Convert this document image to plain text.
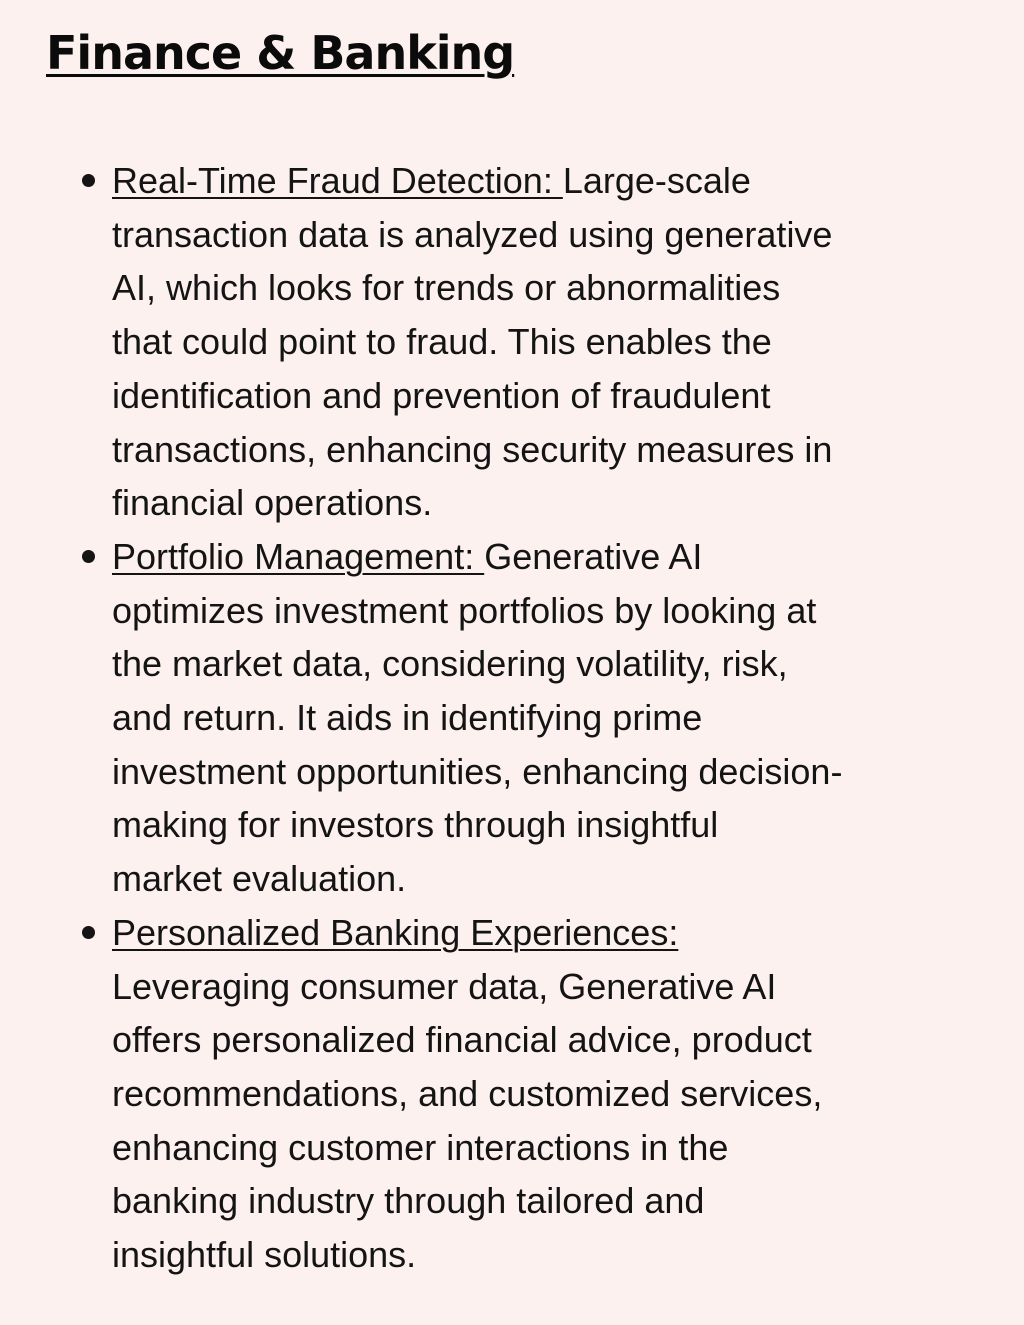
Finance & Banking
Real-Time Fraud Detection: Large-scale
transaction data is analyzed using generative
AI, which looks for trends or abnormalities
that could point to fraud. This enables the
identification and prevention of fraudulent
transactions, enhancing security measures in
financial operations.
Portfolio Management: Generative AI
optimizes investment portfolios by looking at
the market data, considering volatility, risk,
and return. It aids in identifying prime
investment opportunities, enhancing decision-
making for investors through insightful
market evaluation.
Personalized Banking Experiences:
Leveraging consumer data, Generative AI
offers personalized financial advice, product
recommendations, and customized services,
enhancing customer interactions in the
banking industry through tailored and
insightful solutions.
